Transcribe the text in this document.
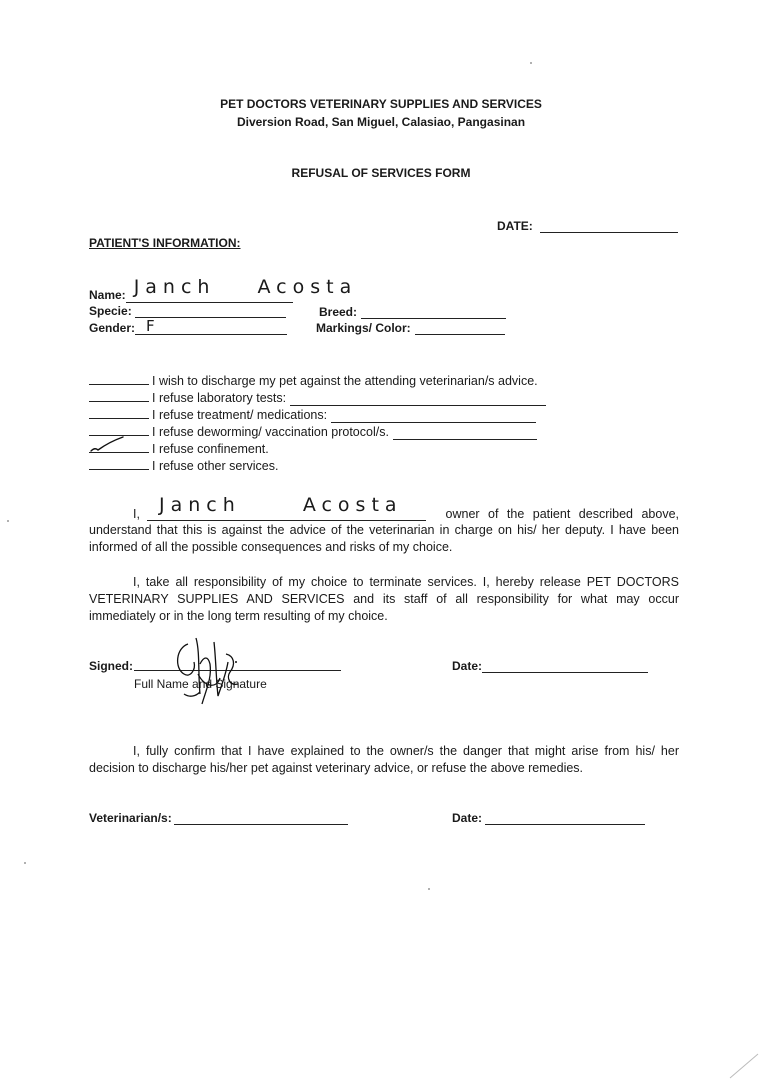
PET DOCTORS VETERINARY SUPPLIES AND SERVICES
Diversion Road, San Miguel, Calasiao, Pangasinan
REFUSAL OF SERVICES FORM
DATE:
PATIENT'S INFORMATION:
Name: Janch Acosta
Specie:
Gender: F
Breed:
Markings/ Color:
I wish to discharge my pet against the attending veterinarian/s advice.
I refuse laboratory tests:
I refuse treatment/ medications:
I refuse deworming/ vaccination protocol/s.
I refuse confinement.
I refuse other services.
I, Janch Acosta	owner of the patient described above,
understand that this is against the advice of the veterinarian in charge on his/ her deputy. I have been informed of all the possible consequences and risks of my choice.
I, take all responsibility of my choice to terminate services. I, hereby release PET DOCTORS VETERINARY SUPPLIES AND SERVICES and its staff of all responsibility for what may occur immediately or in the long term resulting of my choice.
Signed:
Full Name and Signature
Date:
I, fully confirm that I have explained to the owner/s the danger that might arise from his/ her decision to discharge his/her pet against veterinary advice, or refuse the above remedies.
Veterinarian/s:	Date:
